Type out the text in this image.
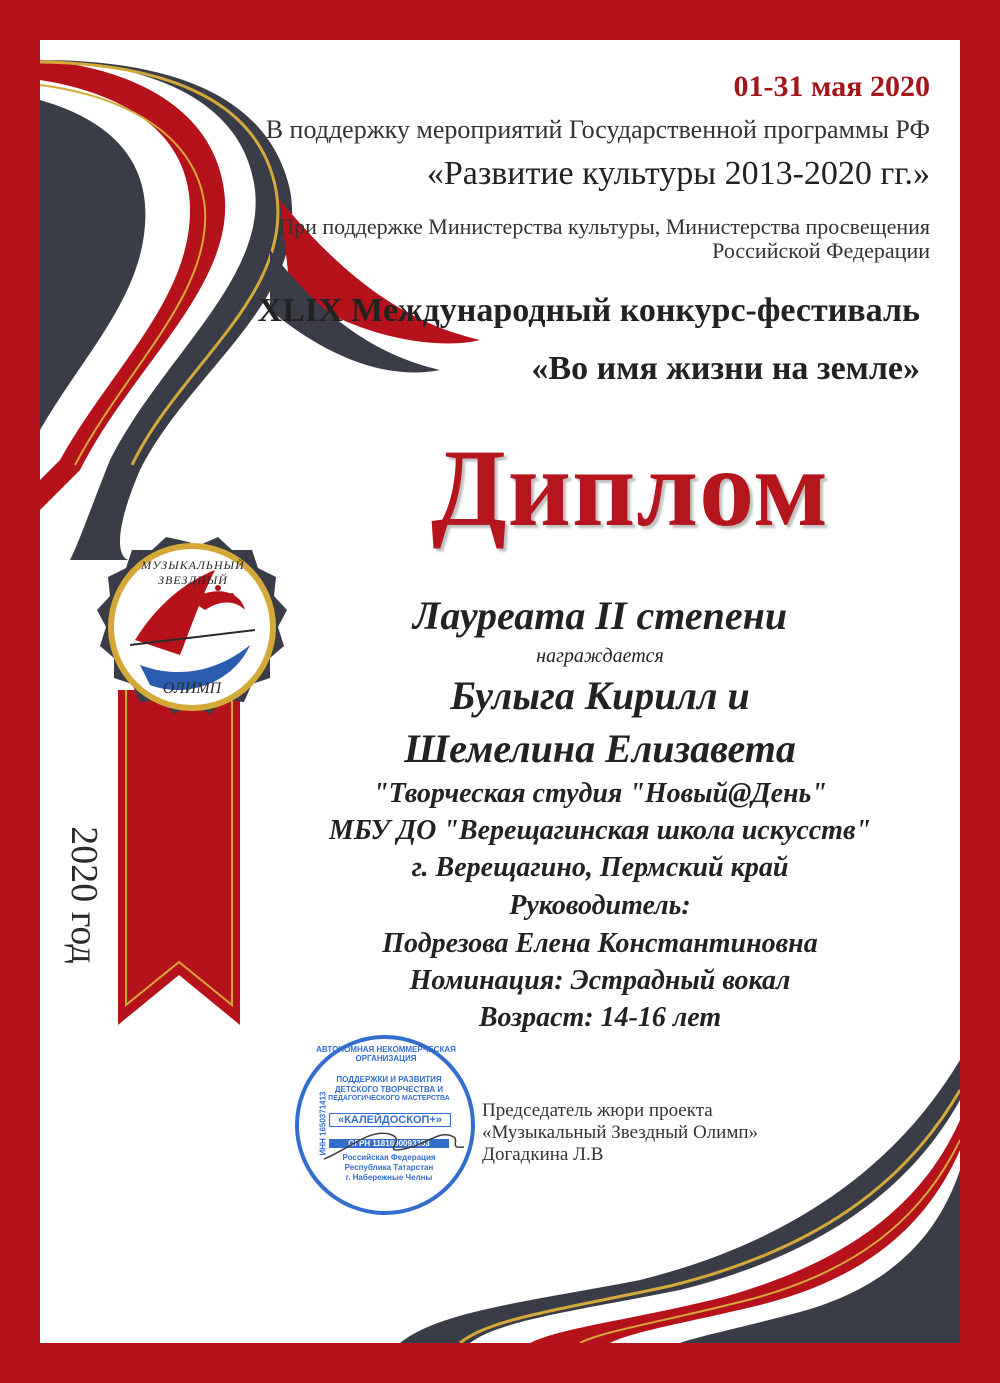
МУЗЫКАЛЬНЫЙ ЗВЕЗДНЫЙ
ОЛИМП
2020 год
01-31 мая 2020
В поддержку мероприятий Государственной программы РФ
«Развитие культуры 2013-2020 гг.»
При поддержке Министерства культуры, Министерства просвещения
Российской Федерации
XLIX Международный конкурс-фестиваль
«Во имя жизни на земле»
Диплом
Лауреата II степени
награждается
Булыга Кирилл и
Шемелина Елизавета
"Творческая студия "Новый@День"
МБУ ДО "Верещагинская школа искусств"
г. Верещагино, Пермский край
Руководитель:
Подрезова Елена Константиновна
Номинация: Эстрадный вокал
Возраст: 14-16 лет
АВТОНОМНАЯ НЕКОММЕРЧЕСКАЯ ОРГАНИЗАЦИЯ
ИНН 1650371413
ПОДДЕРЖКИ И РАЗВИТИЯ
ДЕТСКОГО ТВОРЧЕСТВА И
ПЕДАГОГИЧЕСКОГО МАСТЕРСТВА
«КАЛЕЙДОСКОП+»
ОГРН 1181690093353
Российская Федерация
Республика Татарстан
г. Набережные Челны
Председатель жюри проекта
«Музыкальный Звездный Олимп»
Догадкина Л.В
